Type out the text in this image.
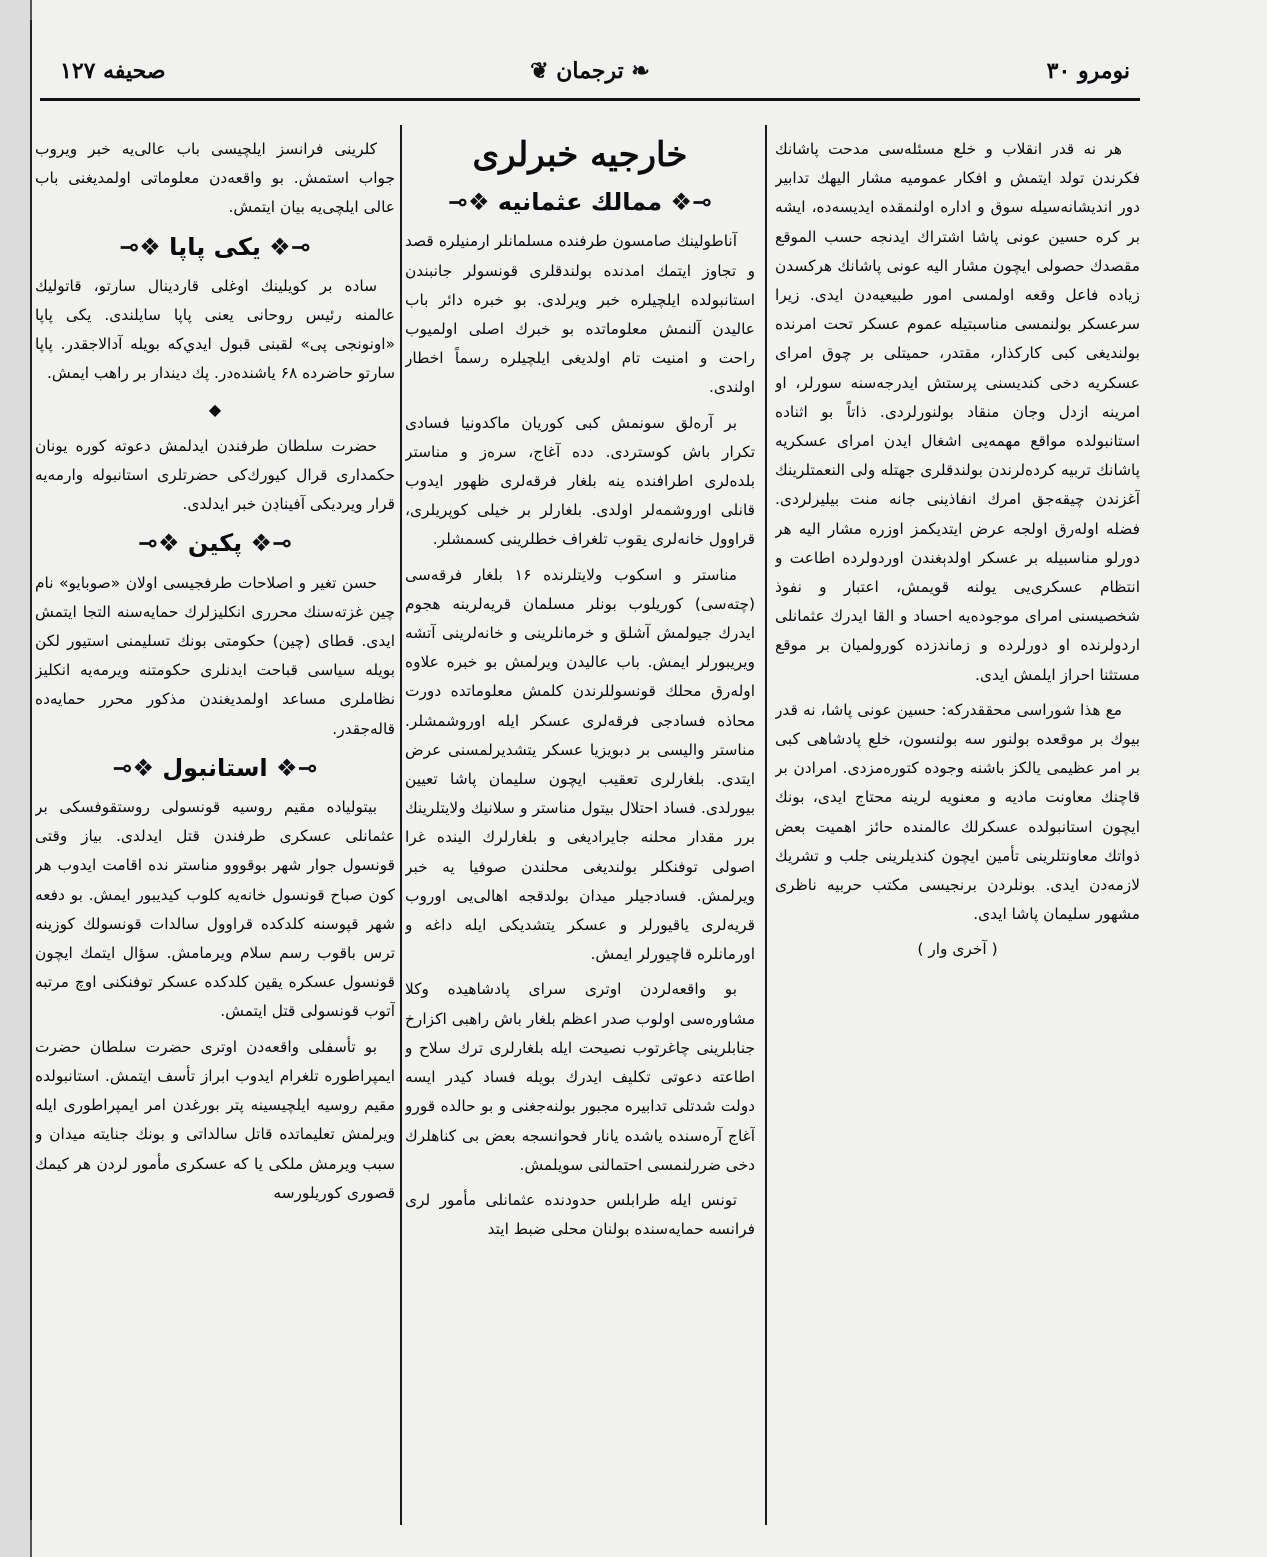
صحيفه ۱۲۷	❦ ترجمان ❧	نومرو ۳۰

هر نه قدر انقلاب و خلع مسئله‌سی مدحت پاشانك فكرندن تولد ايتمش و افكار عموميه مشار اليهك تدابير دور انديشانه‌سيله سوق و اداره اولنمقده ايديسه‌ده، ايشه بر كره حسين عونى پاشا اشتراك ايدنجه حسب الموقع مقصدك حصولى ايچون مشار اليه عونى پاشانك هركسدن زياده فاعل وقعه اولمسى امور طبيعيه‌دن ايدى. زيرا سرعسكر بولنمسى مناسبتيله عموم عسكر تحت امرنده بولنديغى كبى كاركذار، مقتدر، حميتلى بر چوق امراى عسكريه دخى كنديسنى پرستش ايدرجه‌سنه سورلر، او امرينه ازدل وجان منقاد بولنورلردى. ذاتاً بو اثناده استانبولده مواقع مهمه‌يى اشغال ايدن امراى عسكريه پاشانك تربيه كرده‌لرندن بولندقلرى جهتله ولى النعمتلرينك آغزندن چيقه‌جق امرك انفاذينى جانه منت بيليرلردى. فضله اولەرق اولجه عرض ايتديكمز اوزره مشار اليه هر دورلو مناسبيله بر عسكر اولدېغندن اوردولرده اطاعت و انتظام عسكرى‌يى يولنه قويمش، اعتبار و نفوذ شخصيسنى امراى موجوده‌يه احساد و القا ايدرك عثمانلى اردولرنده او دورلرده و زماندزده كورولميان بر موقع مستثنا احراز ايلمش ايدى.

مع هذا شوراسى محققدركه: حسين عونى پاشا، نه قدر بيوك بر موقعده بولنور سه بولنسون، خلع پادشاهى كبى بر امر عظيمى يالكز باشنه وجوده كتوره‌مزدى. امرادن بر قاچنك معاونت ماديه و معنويه لرينه محتاج ايدى، بونك ايچون استانبولده عسكرلك عالمنده حائز اهميت بعض ذواتك معاونتلرينى تأمين ايچون كنديلرينى جلب و تشريك لازمه‌دن ايدى. بونلردن برنجيسى مكتب حربيه ناظرى مشهور سليمان پاشا ايدى.

( آخرى وار )
خارجيه خبرلرى
⟜❖ ممالك عثمانيه ❖⊸

آناطولينك صامسون طرفنده مسلمانلر ارمنيلره قصد و تجاوز ايتمك امدنده بولندقلرى قونسولر جانبندن استانبولده ايلچيلره خبر ويرلدى. بو خبره دائر باب عاليدن آلنمش معلوماتده بو خبرك اصلى اولميوب راحت و امنيت تام اولديغى ايلچيلره رسماً اخطار اولندى.

بر آرەلق سونمش كبى كوريان ماكدونيا فسادى تكرار باش كوستردى. دده آغاج، سرەز و مناستر بلده‌لرى اطرافنده ينه بلغار فرقه‌لرى ظهور ايدوب قانلى اوروشمەلر اولدى. بلغارلر بر خيلى كوپريلرى، قراوول خانه‌لرى يقوب تلغراف خطلرينى كسمشلر.

مناستر و اسكوب ولايتلرنده ۱۶ بلغار فرقه‌سى (چته‌سى) كوريلوب بونلر مسلمان قريه‌لرينه هجوم ايدرك جيولمش آشلق و خرمانلرينى و خانه‌لرينى آتشه ويريبورلر ايمش. باب عاليدن ويرلمش بو خبره علاوه اولەرق محلك قونسوللرندن كلمش معلوماتده دورت محاذه فسادجى فرقه‌لرى عسكر ايله اوروشمشلر. مناستر واليسى بر دبويزيا عسكر يتشديرلمسنى عرض ايتدى. بلغارلرى تعقيب ايچون سليمان پاشا تعيين بيورلدى. فساد احتلال بيتول مناستر و سلانيك ولايتلرينك برر مقدار محلنه جايراديغى و بلغارلرك الينده غرا اصولى توفنكلر بولنديغى محلندن صوفيا يه خبر ويرلمش. فسادجيلر ميدان بولدقجه اهالى‌يى اوروب قريه‌لرى ياقيورلر و عسكر يتشديكى ايله داغه و اورمانلره قاچيورلر ايمش.

بو واقعه‌لردن اوترى سراى پادشاهيده وكلا مشاورەسى اولوب صدر اعظم بلغار باش راهبى اكزارخ جنابلرينى چاغرتوب نصيحت ايله بلغارلرى ترك سلاح و اطاعته دعوتى تكليف ايدرك بويله فساد كيدر ايسه دولت شدتلى تدابيره مجبور بولنه‌جغنى و بو حالده قورو آغاج آرەسنده ياشده يانار فحوانسجه بعض بى كناهلرك دخى ضررلنمسى احتمالنى سويلمش.

تونس ايله طرابلس حدودنده عثمانلى مأمور لرى فرانسه حمايه‌سنده بولنان محلى ضبط ايتد

كلرينى فرانسز ايلچيسى باب عالى‌يه خبر ويروب جواب استمش. بو واقعه‌دن معلوماتى اولمديغنى باب عالى ايلچى‌يه بيان ايتمش.

⟜❖ يكى پاپا ❖⊸

ساده بر كويلينك اوغلى قاردينال سارتو، قاتوليك عالمنه رئيس روحانى يعنى پاپا سايلندى. يكى پاپا «اونونجى پى» لقبنى قبول ايدي‌كه بويله آدالاجقدر. پاپا سارتو حاضرده ۶۸ ياشنده‌در. پك ديندار بر راهب ايمش.

◆

حضرت سلطان طرفندن ايدلمش دعوته كوره يونان حكمدارى قرال كيورك‌كى حضرتلرى استانبوله وارمه‌يه قرار ويردیكى آفيناڊن خبر ايدلدى.

⟜❖ پكين ❖⊸

حسن تغير و اصلاحات طرفجيسى اولان «صوبايو» نام چين غزته‌سنك محررى انكليزلرك حمايه‌سنه التجا ايتمش ايدى. قطاى (چين) حكومتى بونك تسليمنى استيور لكن بويله سياسى قباحت ايدنلرى حكومتنه ويرمه‌يه انكليز نظاملرى مساعد اولمديغندن مذكور محرر حمايه‌ده قاله‌جقدر.

⟜❖ استانبول ❖⊸

بيتولياده مقيم روسيه قونسولى روستقوفسكى بر عثمانلى عسكرى طرفندن قتل ايدلدى. بياز وقتى قونسول جوار شهر بوقووو مناستر نده اقامت ايدوب هر كون صباح قونسول خانه‌يه كلوب كيديبور ايمش. بو دفعه شهر قپوسنه كلدكده قراوول سالدات قونسولك كوزينه ترس باقوب رسم سلام ويرمامش. سؤال ايتمك ايچون قونسول عسكره يقين كلدكده عسكر توفنكنى اوچ مرتبه آتوب قونسولى قتل ايتمش.

بو تأسفلى واقعه‌دن اوترى حضرت سلطان حضرت ايمپراطوره تلغرام ايدوب ابراز تأسف ايتمش. استانبولده مقيم روسيه ايلچيسينه پتر بورغدن امر ايمپراطورى ايله ويرلمش تعليماتده قاتل سالداتى و بونك جنايته ميدان و سبب ويرمش ملكى يا كه عسكرى مأمور لردن هر كيمك قصورى كوريلورسه
